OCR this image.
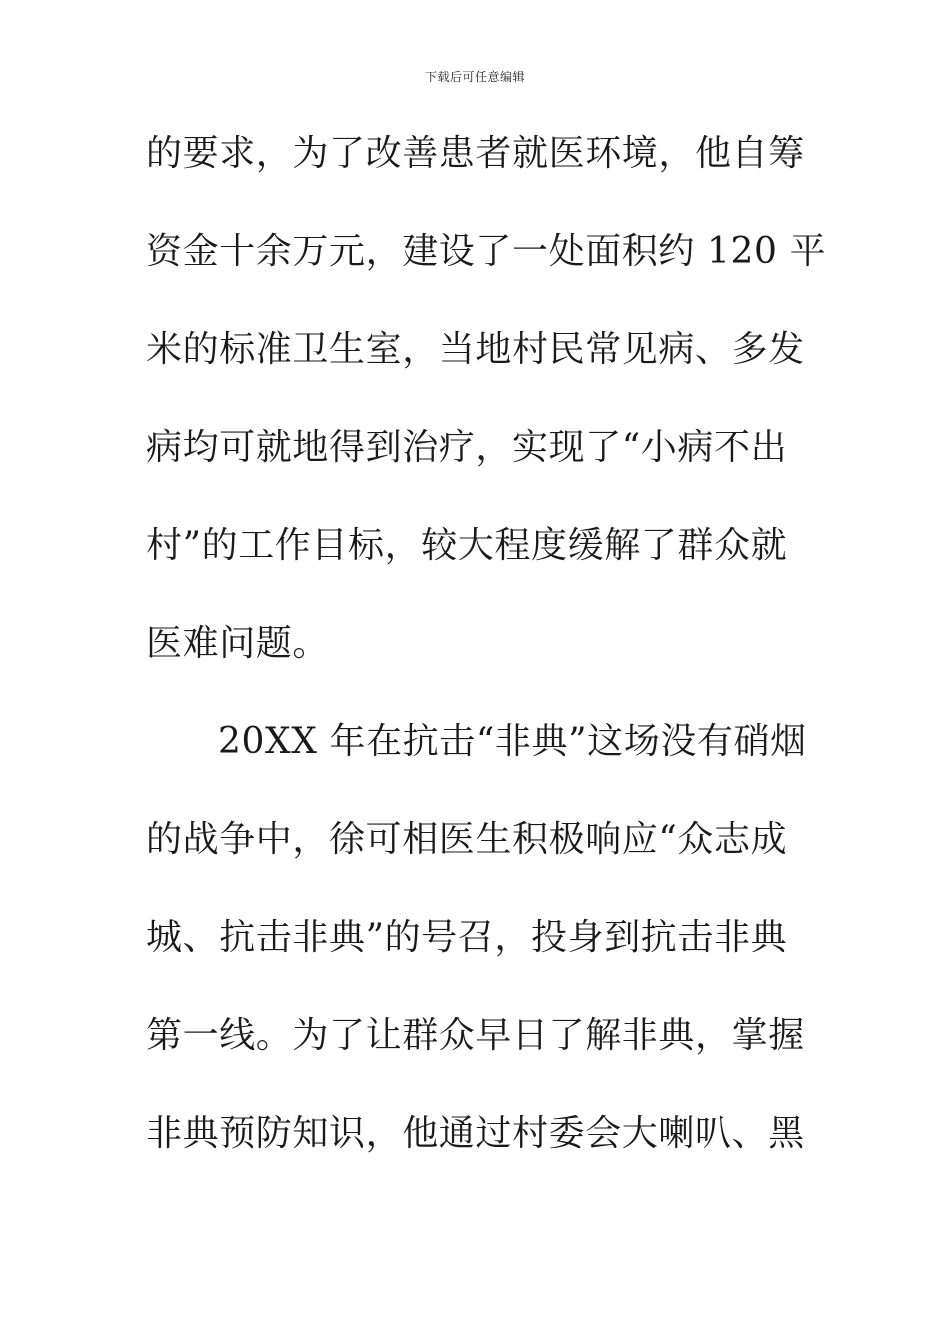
下载后可任意编辑
的要求，为了改善患者就医环境，他自筹
资金十余万元，建设了一处面积约 120 平
米的标准卫生室，当地村民常见病、多发
病均可就地得到治疗，实现了“小病不出
村”的工作目标，较大程度缓解了群众就
医难问题。
20XX 年在抗击“非典”这场没有硝烟
的战争中，徐可相医生积极响应“众志成
城、抗击非典”的号召，投身到抗击非典
第一线。为了让群众早日了解非典，掌握
非典预防知识，他通过村委会大喇叭、黑
